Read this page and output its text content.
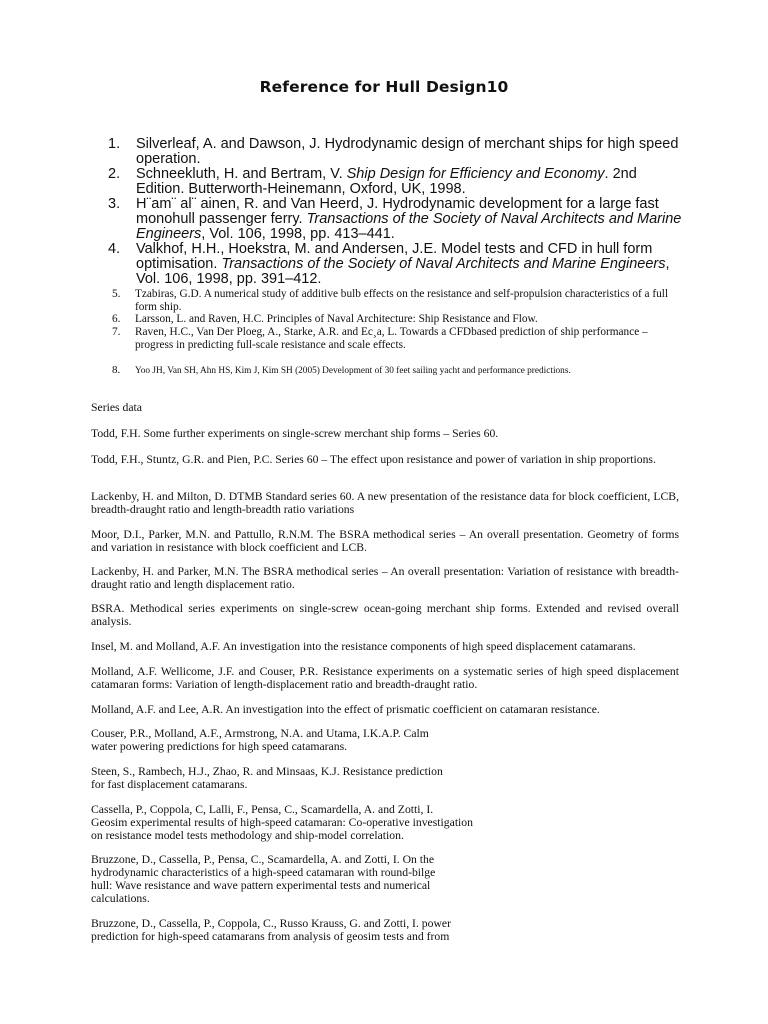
Reference for Hull Design10
1. Silverleaf, A. and Dawson, J. Hydrodynamic design of merchant ships for high speed operation.
2. Schneekluth, H. and Bertram, V. Ship Design for Efficiency and Economy. 2nd Edition. Butterworth-Heinemann, Oxford, UK, 1998.
3. H¨am¨ al¨ ainen, R. and Van Heerd, J. Hydrodynamic development for a large fast monohull passenger ferry. Transactions of the Society of Naval Architects and Marine Engineers, Vol. 106, 1998, pp. 413–441.
4. Valkhof, H.H., Hoekstra, M. and Andersen, J.E. Model tests and CFD in hull form optimisation. Transactions of the Society of Naval Architects and Marine Engineers, Vol. 106, 1998, pp. 391–412.
5. Tzabiras, G.D. A numerical study of additive bulb effects on the resistance and self-propulsion characteristics of a full form ship.
6. Larsson, L. and Raven, H.C. Principles of Naval Architecture: Ship Resistance and Flow.
7. Raven, H.C., Van Der Ploeg, A., Starke, A.R. and Ec¸a, L. Towards a CFDbased prediction of ship performance – progress in predicting full-scale resistance and scale effects.
8. Yoo JH, Van SH, Ahn HS, Kim J, Kim SH (2005) Development of 30 feet sailing yacht and performance predictions.
Series data
Todd, F.H. Some further experiments on single-screw merchant ship forms – Series 60.
Todd, F.H., Stuntz, G.R. and Pien, P.C. Series 60 – The effect upon resistance and power of variation in ship proportions.
Lackenby, H. and Milton, D. DTMB Standard series 60. A new presentation of the resistance data for block coefficient, LCB, breadth-draught ratio and length-breadth ratio variations
Moor, D.I., Parker, M.N. and Pattullo, R.N.M. The BSRA methodical series – An overall presentation. Geometry of forms and variation in resistance with block coefficient and LCB.
Lackenby, H. and Parker, M.N. The BSRA methodical series – An overall presentation: Variation of resistance with breadth-draught ratio and length displacement ratio.
BSRA. Methodical series experiments on single-screw ocean-going merchant ship forms. Extended and revised overall analysis.
Insel, M. and Molland, A.F. An investigation into the resistance components of high speed displacement catamarans.
Molland, A.F. Wellicome, J.F. and Couser, P.R. Resistance experiments on a systematic series of high speed displacement catamaran forms: Variation of length-displacement ratio and breadth-draught ratio.
Molland, A.F. and Lee, A.R. An investigation into the effect of prismatic coefficient on catamaran resistance.
Couser, P.R., Molland, A.F., Armstrong, N.A. and Utama, I.K.A.P. Calm
water powering predictions for high speed catamarans.
Steen, S., Rambech, H.J., Zhao, R. and Minsaas, K.J. Resistance prediction
for fast displacement catamarans.
Cassella, P., Coppola, C, Lalli, F., Pensa, C., Scamardella, A. and Zotti, I.
Geosim experimental results of high-speed catamaran: Co-operative investigation
on resistance model tests methodology and ship-model correlation.
Bruzzone, D., Cassella, P., Pensa, C., Scamardella, A. and Zotti, I. On the
hydrodynamic characteristics of a high-speed catamaran with round-bilge
hull: Wave resistance and wave pattern experimental tests and numerical
calculations.
Bruzzone, D., Cassella, P., Coppola, C., Russo Krauss, G. and Zotti, I. power
prediction for high-speed catamarans from analysis of geosim tests and from
